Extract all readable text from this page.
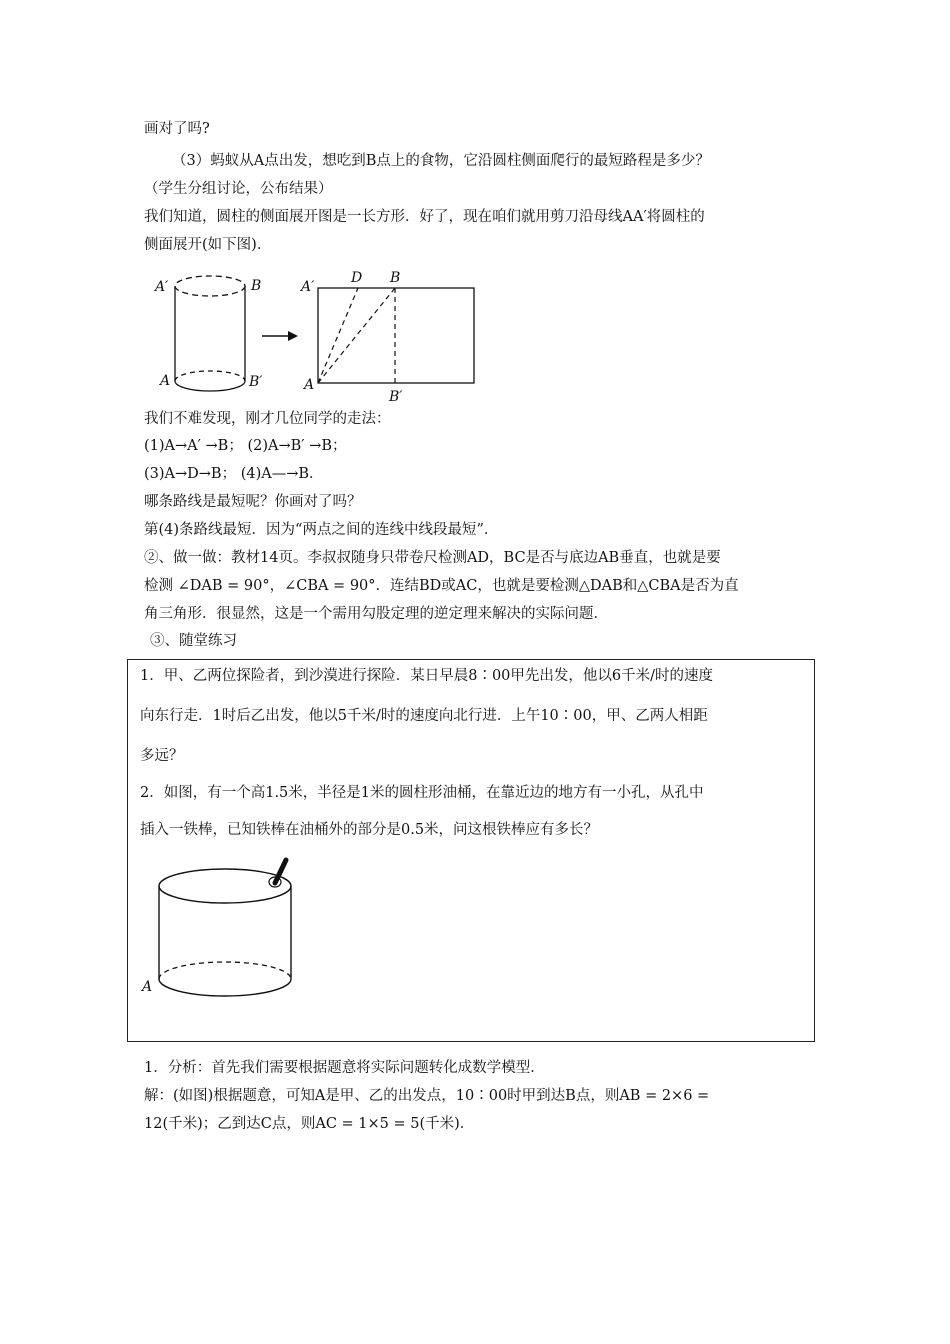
画对了吗?
（3）蚂蚁从A点出发，想吃到B点上的食物，它沿圆柱侧面爬行的最短路程是多少？
（学生分组讨论，公布结果）
我们知道，圆柱的侧面展开图是一长方形．好了，现在咱们就用剪刀沿母线AA′将圆柱的
侧面展开(如下图)．
A′	B
A	B′
A′
D B
A
B′
我们不难发现，刚才几位同学的走法：
(1)A→A′ →B； (2)A→B′ →B；
(3)A→D→B； (4)A—→B．
哪条路线是最短呢？你画对了吗？
第(4)条路线最短．因为“两点之间的连线中线段最短”．
②、做一做：教材14页。李叔叔随身只带卷尺检测AD，BC是否与底边AB垂直，也就是要
检测 ∠DAB = 90°，∠CBA = 90°．连结BD或AC，也就是要检测△DAB和△CBA是否为直
角三角形．很显然，这是一个需用勾股定理的逆定理来解决的实际问题．
③、随堂练习
1．甲、乙两位探险者，到沙漠进行探险．某日早晨8∶00甲先出发，他以6千米/时的速度
向东行走．1时后乙出发，他以5千米/时的速度向北行进．上午10∶00，甲、乙两人相距
多远？
2．如图，有一个高1.5米，半径是1米的圆柱形油桶，在靠近边的地方有一小孔，从孔中
插入一铁棒，已知铁棒在油桶外的部分是0.5米，问这根铁棒应有多长？
A
1．分析：首先我们需要根据题意将实际问题转化成数学模型．
解：(如图)根据题意，可知A是甲、乙的出发点，10∶00时甲到达B点，则AB = 2×6 =
12(千米)；乙到达C点，则AC = 1×5 = 5(千米)．
